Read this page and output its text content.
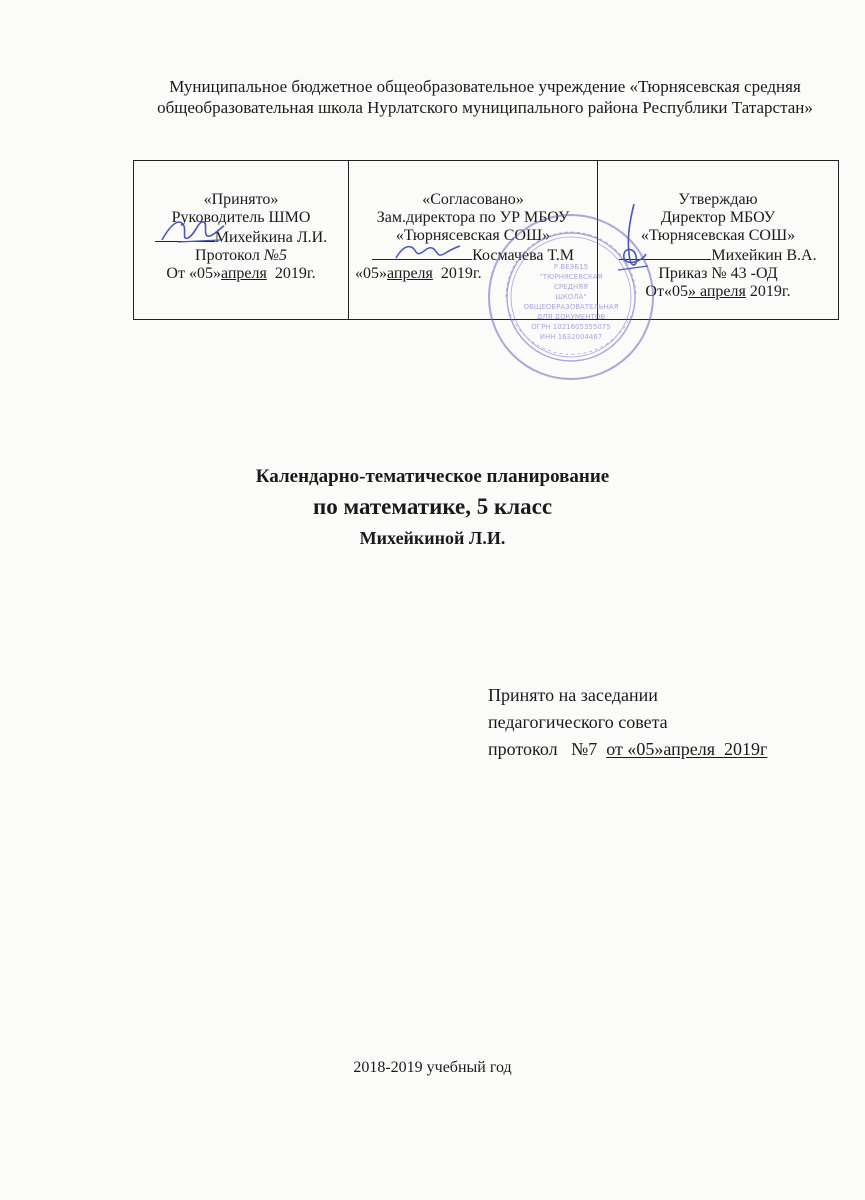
Муниципальное бюджетное общеобразовательное учреждение «Тюрнясевская средняя
общеобразовательная школа Нурлатского муниципального района Республики Татарстан»
«Принято»
Руководитель ШМО
Михейкина Л.И.
Протокол №5
От «05»апреля 2019г.

«Согласовано»
Зам.директора по УР МБОУ
«Тюрнясевская СОШ»
Космачева Т.М
«05»апреля 2019г.

Утверждаю
Директор МБОУ
«Тюрнясевская СОШ»
Михейкин В.А.
Приказ № 43 -ОД
От«05» апреля 2019г.
Р.ВЕЭБ15
"ТЮРНЯСЕВСКАЯ
СРЕДНЯЯ
ШКОЛА"
ОБЩЕОБРАЗОВАТЕЛЬНАЯ
ДЛЯ ДОКУМЕНТОВ
ОГРН 1021605355075
ИНН 1632004467
Календарно-тематическое планирование
по математике, 5 класс
Михейкиной Л.И.
Принято на заседании
педагогического совета
протокол   №7  от «05»апреля  2019г
2018-2019 учебный год
